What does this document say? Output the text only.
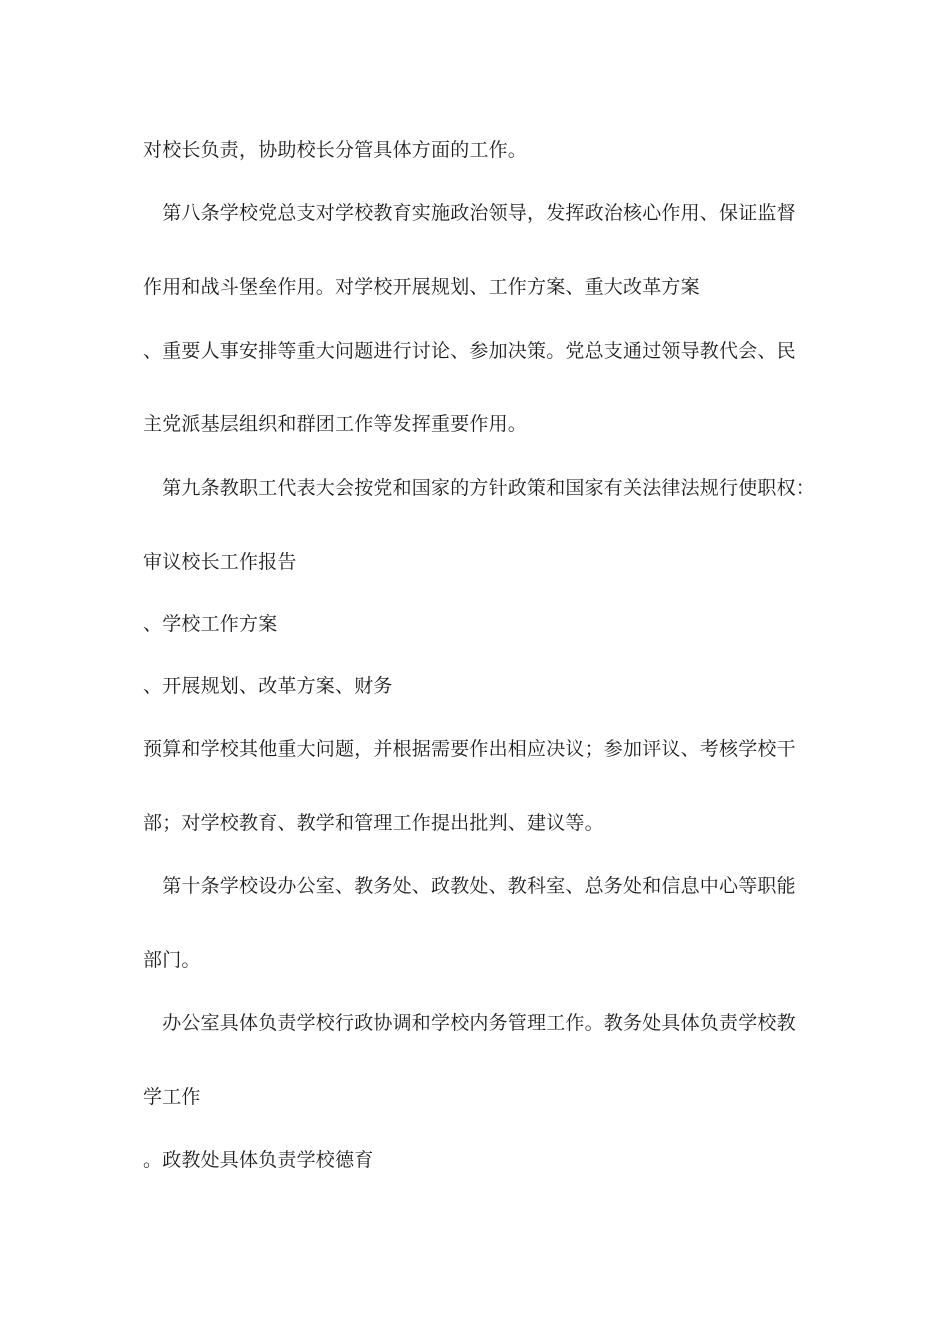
对校长负责，协助校长分管具体方面的工作。
　第八条学校党总支对学校教育实施政治领导，发挥政治核心作用、保证监督
作用和战斗堡垒作用。对学校开展规划、工作方案、重大改革方案
、重要人事安排等重大问题进行讨论、参加决策。党总支通过领导教代会、民
主党派基层组织和群团工作等发挥重要作用。
　第九条教职工代表大会按党和国家的方针政策和国家有关法律法规行使职权：
审议校长工作报告
、学校工作方案
、开展规划、改革方案、财务
预算和学校其他重大问题，并根据需要作出相应决议；参加评议、考核学校干
部；对学校教育、教学和管理工作提出批判、建议等。
　第十条学校设办公室、教务处、政教处、教科室、总务处和信息中心等职能
部门。
　办公室具体负责学校行政协调和学校内务管理工作。教务处具体负责学校教
学工作
。政教处具体负责学校德育
